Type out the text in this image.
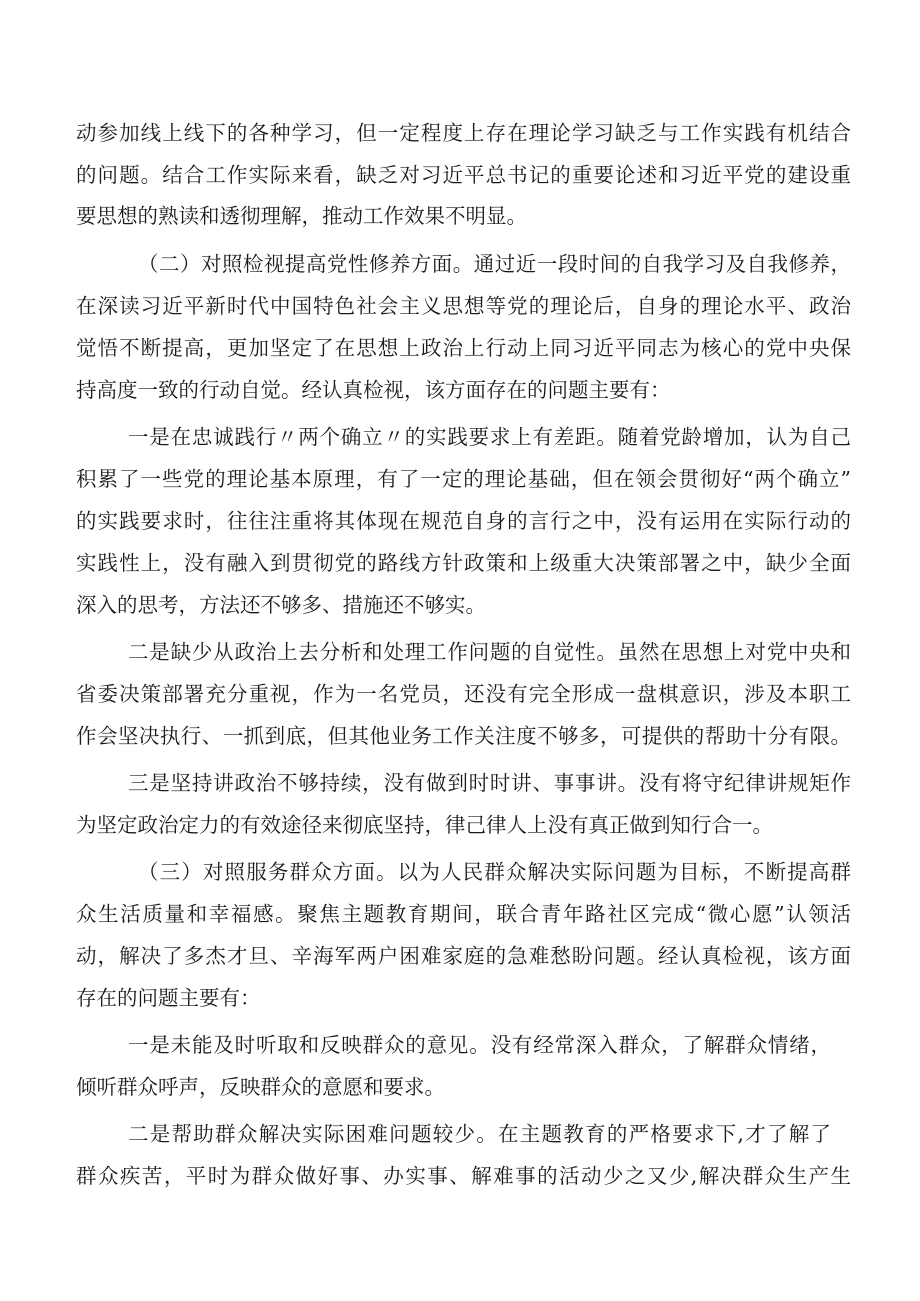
动参加线上线下的各种学习，但一定程度上存在理论学习缺乏与工作实践有机结合
的问题。结合工作实际来看，缺乏对习近平总书记的重要论述和习近平党的建设重
要思想的熟读和透彻理解，推动工作效果不明显。
（二）对照检视提高党性修养方面。通过近一段时间的自我学习及自我修养，
在深读习近平新时代中国特色社会主义思想等党的理论后，自身的理论水平、政治
觉悟不断提高，更加坚定了在思想上政治上行动上同习近平同志为核心的党中央保
持高度一致的行动自觉。经认真检视，该方面存在的问题主要有：
一是在忠诚践行〃两个确立〃的实践要求上有差距。随着党龄增加，认为自己
积累了一些党的理论基本原理，有了一定的理论基础，但在领会贯彻好“两个确立”
的实践要求时，往往注重将其体现在规范自身的言行之中，没有运用在实际行动的
实践性上，没有融入到贯彻党的路线方针政策和上级重大决策部署之中，缺少全面
深入的思考，方法还不够多、措施还不够实。
二是缺少从政治上去分析和处理工作问题的自觉性。虽然在思想上对党中央和
省委决策部署充分重视，作为一名党员，还没有完全形成一盘棋意识，涉及本职工
作会坚决执行、一抓到底，但其他业务工作关注度不够多，可提供的帮助十分有限。
三是坚持讲政治不够持续，没有做到时时讲、事事讲。没有将守纪律讲规矩作
为坚定政治定力的有效途径来彻底坚持，律己律人上没有真正做到知行合一。
（三）对照服务群众方面。以为人民群众解决实际问题为目标，不断提高群
众生活质量和幸福感。聚焦主题教育期间，联合青年路社区完成“微心愿”认领活
动，解决了多杰才旦、辛海军两户困难家庭的急难愁盼问题。经认真检视，该方面
存在的问题主要有：
一是未能及时听取和反映群众的意见。没有经常深入群众，了解群众情绪，
倾听群众呼声，反映群众的意愿和要求。
二是帮助群众解决实际困难问题较少。在主题教育的严格要求下,才了解了
群众疾苦，平时为群众做好事、办实事、解难事的活动少之又少,解决群众生产生
